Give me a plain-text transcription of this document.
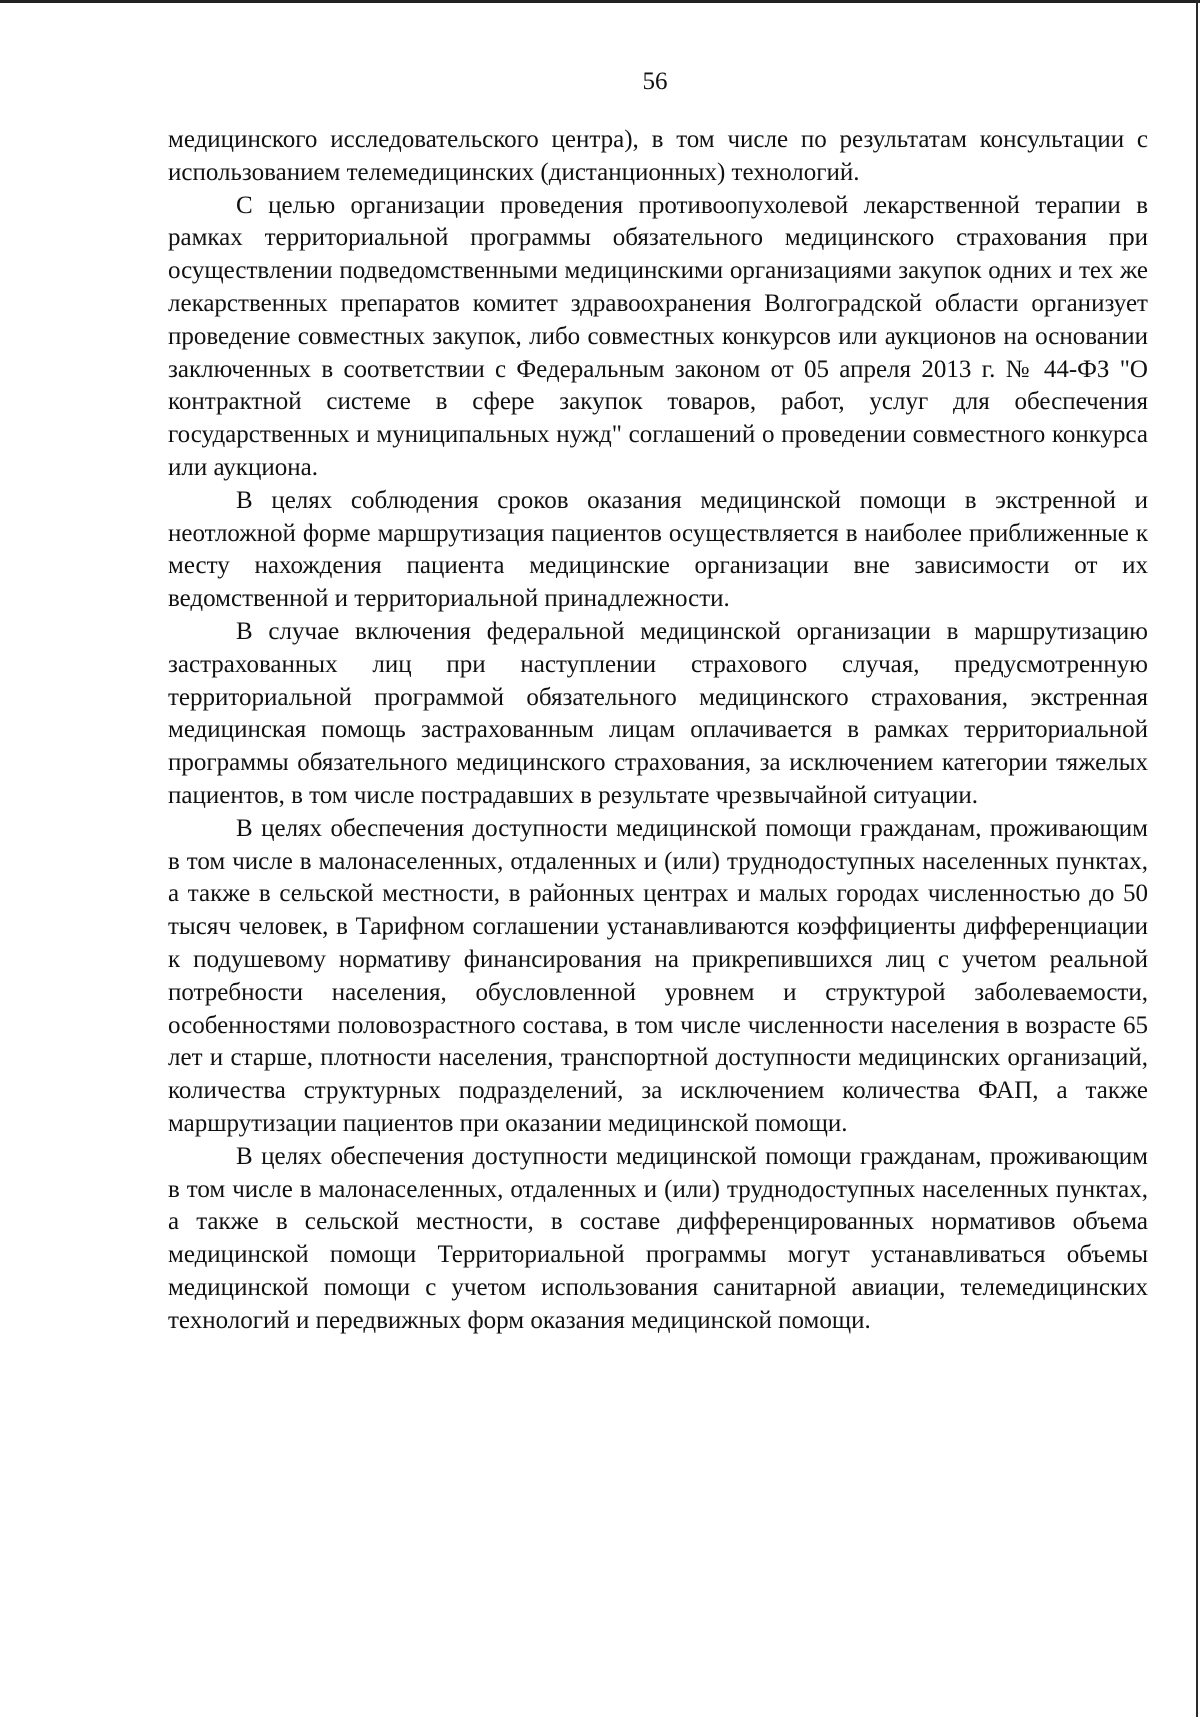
56

медицинского исследовательского центра), в том числе по результатам консультации с использованием телемедицинских (дистанционных) технологий.

С целью организации проведения противоопухолевой лекарственной терапии в рамках территориальной программы обязательного медицинского страхования при осуществлении подведомственными медицинскими организациями закупок одних и тех же лекарственных препаратов комитет здравоохранения Волгоградской области организует проведение совместных закупок, либо совместных конкурсов или аукционов на основании заключенных в соответствии с Федеральным законом от 05 апреля 2013 г. № 44-ФЗ "О контрактной системе в сфере закупок товаров, работ, услуг для обеспечения государственных и муниципальных нужд" соглашений о проведении совместного конкурса или аукциона.

В целях соблюдения сроков оказания медицинской помощи в экстренной и неотложной форме маршрутизация пациентов осуществляется в наиболее приближенные к месту нахождения пациента медицинские организации вне зависимости от их ведомственной и территориальной принадлежности.

В случае включения федеральной медицинской организации в маршрутизацию застрахованных лиц при наступлении страхового случая, предусмотренную территориальной программой обязательного медицинского страхования, экстренная медицинская помощь застрахованным лицам оплачивается в рамках территориальной программы обязательного медицинского страхования, за исключением категории тяжелых пациентов, в том числе пострадавших в результате чрезвычайной ситуации.

В целях обеспечения доступности медицинской помощи гражданам, проживающим в том числе в малонаселенных, отдаленных и (или) труднодоступных населенных пунктах, а также в сельской местности, в районных центрах и малых городах численностью до 50 тысяч человек, в Тарифном соглашении устанавливаются коэффициенты дифференциации к подушевому нормативу финансирования на прикрепившихся лиц с учетом реальной потребности населения, обусловленной уровнем и структурой заболеваемости, особенностями половозрастного состава, в том числе численности населения в возрасте 65 лет и старше, плотности населения, транспортной доступности медицинских организаций, количества структурных подразделений, за исключением количества ФАП, а также маршрутизации пациентов при оказании медицинской помощи.

В целях обеспечения доступности медицинской помощи гражданам, проживающим в том числе в малонаселенных, отдаленных и (или) труднодоступных населенных пунктах, а также в сельской местности, в составе дифференцированных нормативов объема медицинской помощи Территориальной программы могут устанавливаться объемы медицинской помощи с учетом использования санитарной авиации, телемедицинских технологий и передвижных форм оказания медицинской помощи.
